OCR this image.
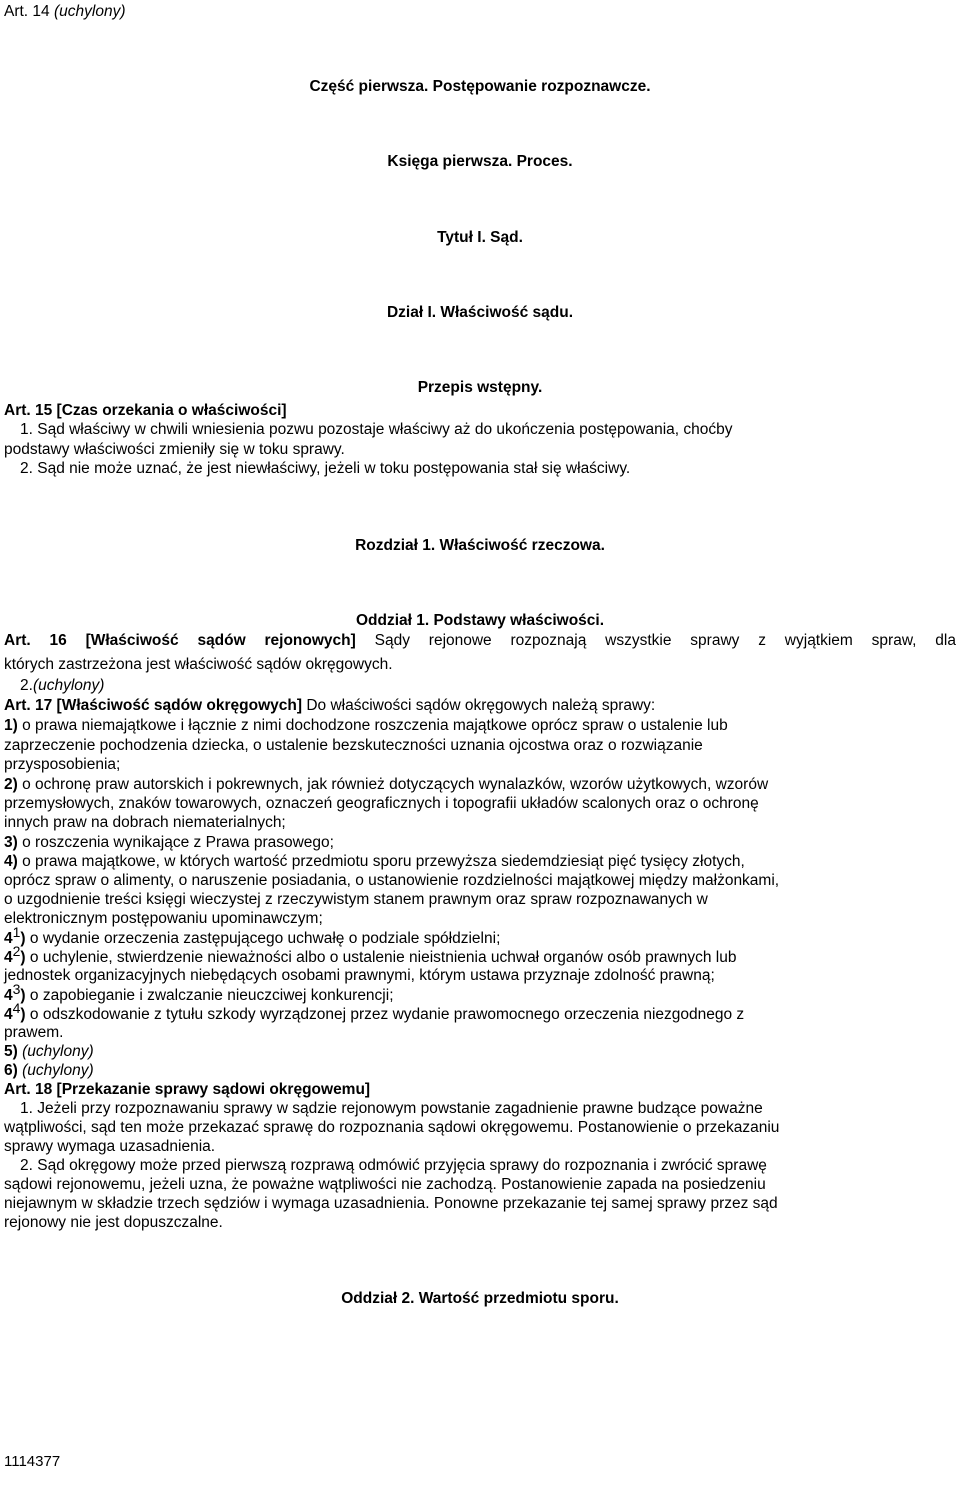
Art. 14 (uchylony)
Część pierwsza. Postępowanie rozpoznawcze.
Księga pierwsza. Proces.
Tytuł I. Sąd.
Dział I. Właściwość sądu.
Przepis wstępny.
Art. 15 [Czas orzekania o właściwości]
1. Sąd właściwy w chwili wniesienia pozwu pozostaje właściwy aż do ukończenia postępowania, choćby
podstawy właściwości zmieniły się w toku sprawy.
2. Sąd nie może uznać, że jest niewłaściwy, jeżeli w toku postępowania stał się właściwy.
Rozdział 1. Właściwość rzeczowa.
Oddział 1. Podstawy właściwości.
Art. 16 [Właściwość sądów rejonowych] Sądy rejonowe rozpoznają wszystkie sprawy z wyjątkiem spraw, dla
których zastrzeżona jest właściwość sądów okręgowych.
2.(uchylony)
Art. 17 [Właściwość sądów okręgowych] Do właściwości sądów okręgowych należą sprawy:
1) o prawa niemajątkowe i łącznie z nimi dochodzone roszczenia majątkowe oprócz spraw o ustalenie lub
zaprzeczenie pochodzenia dziecka, o ustalenie bezskuteczności uznania ojcostwa oraz o rozwiązanie
przysposobienia;
2) o ochronę praw autorskich i pokrewnych, jak również dotyczących wynalazków, wzorów użytkowych, wzorów
przemysłowych, znaków towarowych, oznaczeń geograficznych i topografii układów scalonych oraz o ochronę
innych praw na dobrach niematerialnych;
3) o roszczenia wynikające z Prawa prasowego;
4) o prawa majątkowe, w których wartość przedmiotu sporu przewyższa siedemdziesiąt pięć tysięcy złotych,
oprócz spraw o alimenty, o naruszenie posiadania, o ustanowienie rozdzielności majątkowej między małżonkami,
o uzgodnienie treści księgi wieczystej z rzeczywistym stanem prawnym oraz spraw rozpoznawanych w
elektronicznym postępowaniu upominawczym;
41) o wydanie orzeczenia zastępującego uchwałę o podziale spółdzielni;
42) o uchylenie, stwierdzenie nieważności albo o ustalenie nieistnienia uchwał organów osób prawnych lub
jednostek organizacyjnych niebędących osobami prawnymi, którym ustawa przyznaje zdolność prawną;
43) o zapobieganie i zwalczanie nieuczciwej konkurencji;
44) o odszkodowanie z tytułu szkody wyrządzonej przez wydanie prawomocnego orzeczenia niezgodnego z
prawem.
5) (uchylony)
6) (uchylony)
Art. 18 [Przekazanie sprawy sądowi okręgowemu]
1. Jeżeli przy rozpoznawaniu sprawy w sądzie rejonowym powstanie zagadnienie prawne budzące poważne
wątpliwości, sąd ten może przekazać sprawę do rozpoznania sądowi okręgowemu. Postanowienie o przekazaniu
sprawy wymaga uzasadnienia.
2. Sąd okręgowy może przed pierwszą rozprawą odmówić przyjęcia sprawy do rozpoznania i zwrócić sprawę
sądowi rejonowemu, jeżeli uzna, że poważne wątpliwości nie zachodzą. Postanowienie zapada na posiedzeniu
niejawnym w składzie trzech sędziów i wymaga uzasadnienia. Ponowne przekazanie tej samej sprawy przez sąd
rejonowy nie jest dopuszczalne.
Oddział 2. Wartość przedmiotu sporu.
1114377
